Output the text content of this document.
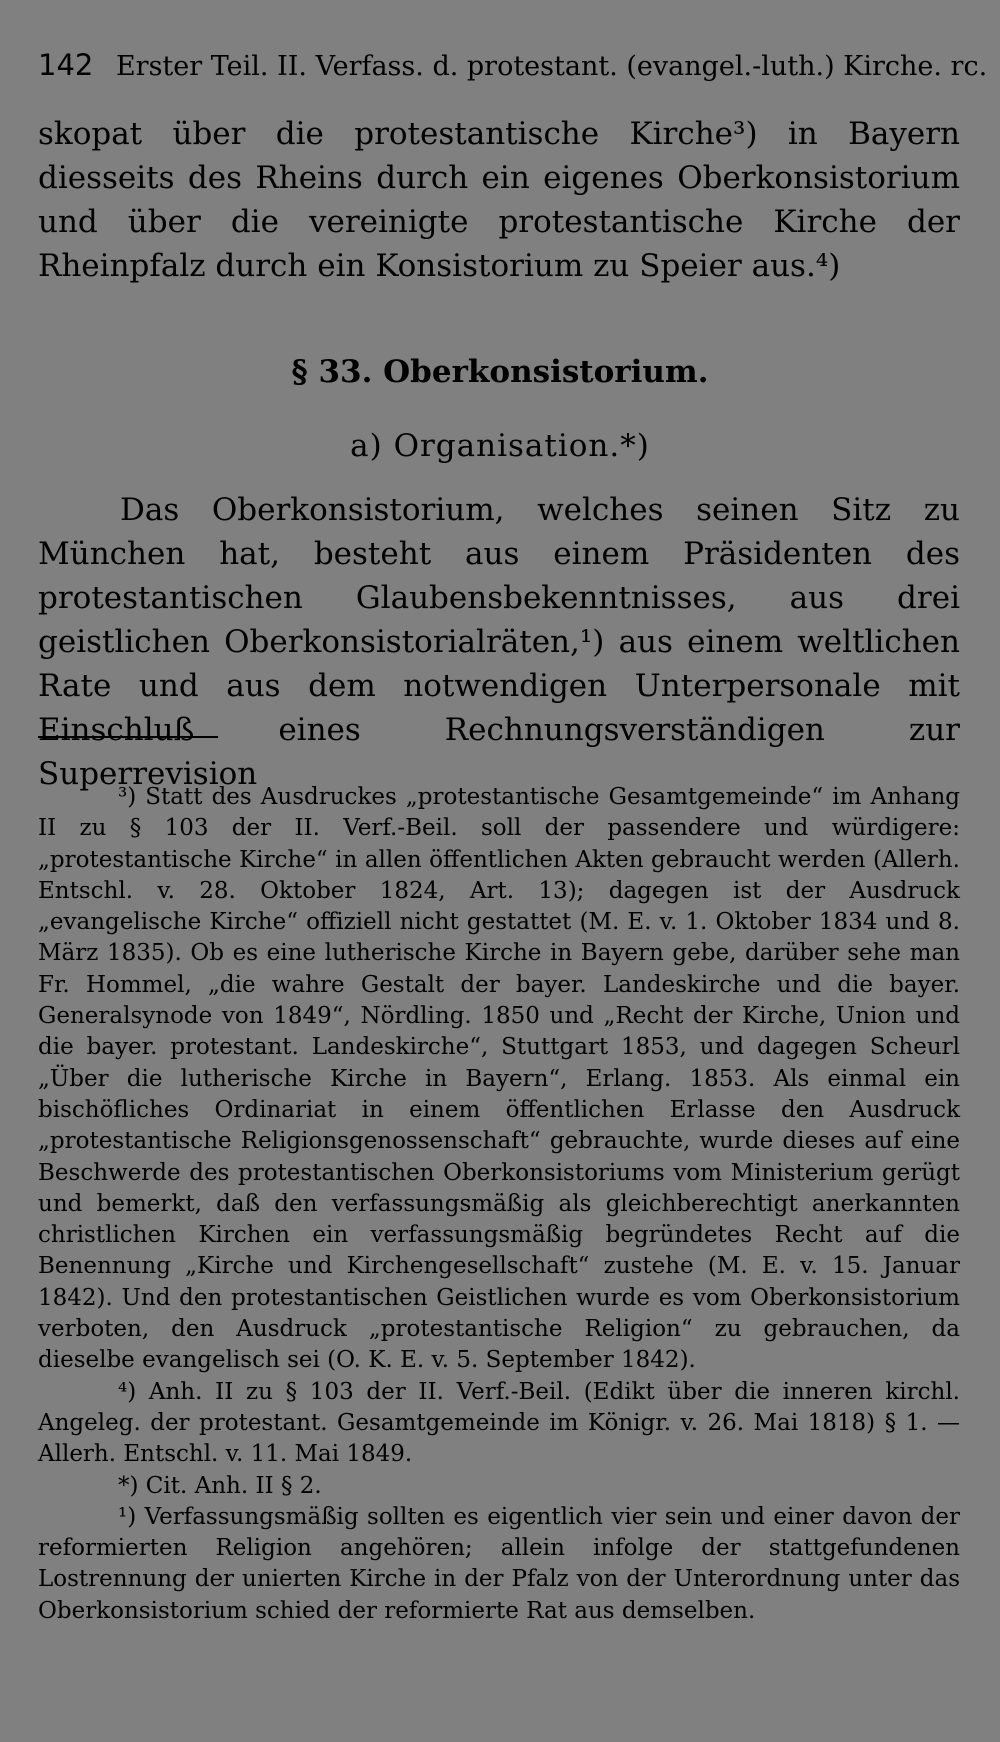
142 Erster Teil. II. Verfass. d. protestant. (evangel.-luth.) Kirche. rc.

skopat über die protestantische Kirche³) in Bayern diesseits des Rheins durch ein eigenes Oberkonsistorium und über die vereinigte protestantische Kirche der Rheinpfalz durch ein Konsistorium zu Speier aus.⁴)

§ 33. Oberkonsistorium.
a) Organisation.*)

Das Oberkonsistorium, welches seinen Sitz zu München hat, besteht aus einem Präsidenten des protestantischen Glaubensbekenntnisses, aus drei geistlichen Oberkonsistorialräten,¹) aus einem weltlichen Rate und aus dem notwendigen Unterpersonale mit Einschluß eines Rechnungsverständigen zur Superrevision

³) Statt des Ausdruckes „protestantische Gesamtgemeinde“ im Anhang II zu § 103 der II. Verf.-Beil. soll der passendere und würdigere: „protestantische Kirche“ in allen öffentlichen Akten gebraucht werden (Allerh. Entschl. v. 28. Oktober 1824, Art. 13); dagegen ist der Ausdruck „evangelische Kirche“ offiziell nicht gestattet (M. E. v. 1. Oktober 1834 und 8. März 1835). Ob es eine lutherische Kirche in Bayern gebe, darüber sehe man Fr. Hommel, „die wahre Gestalt der bayer. Landeskirche und die bayer. Generalsynode von 1849“, Nördling. 1850 und „Recht der Kirche, Union und die bayer. protestant. Landeskirche“, Stuttgart 1853, und dagegen Scheurl „Über die lutherische Kirche in Bayern“, Erlang. 1853. Als einmal ein bischöfliches Ordinariat in einem öffentlichen Erlasse den Ausdruck „protestantische Religionsgenossenschaft“ gebrauchte, wurde dieses auf eine Beschwerde des protestantischen Oberkonsistoriums vom Ministerium gerügt und bemerkt, daß den verfassungsmäßig als gleichberechtigt anerkannten christlichen Kirchen ein verfassungsmäßig begründetes Recht auf die Benennung „Kirche und Kirchengesellschaft“ zustehe (M. E. v. 15. Januar 1842). Und den protestantischen Geistlichen wurde es vom Oberkonsistorium verboten, den Ausdruck „protestantische Religion“ zu gebrauchen, da dieselbe evangelisch sei (O. K. E. v. 5. September 1842).

⁴) Anh. II zu § 103 der II. Verf.-Beil. (Edikt über die inneren kirchl. Angeleg. der protestant. Gesamtgemeinde im Königr. v. 26. Mai 1818) § 1. — Allerh. Entschl. v. 11. Mai 1849.

*) Cit. Anh. II § 2.

¹) Verfassungsmäßig sollten es eigentlich vier sein und einer davon der reformierten Religion angehören; allein infolge der stattgefundenen Lostrennung der unierten Kirche in der Pfalz von der Unterordnung unter das Oberkonsistorium schied der reformierte Rat aus demselben.
